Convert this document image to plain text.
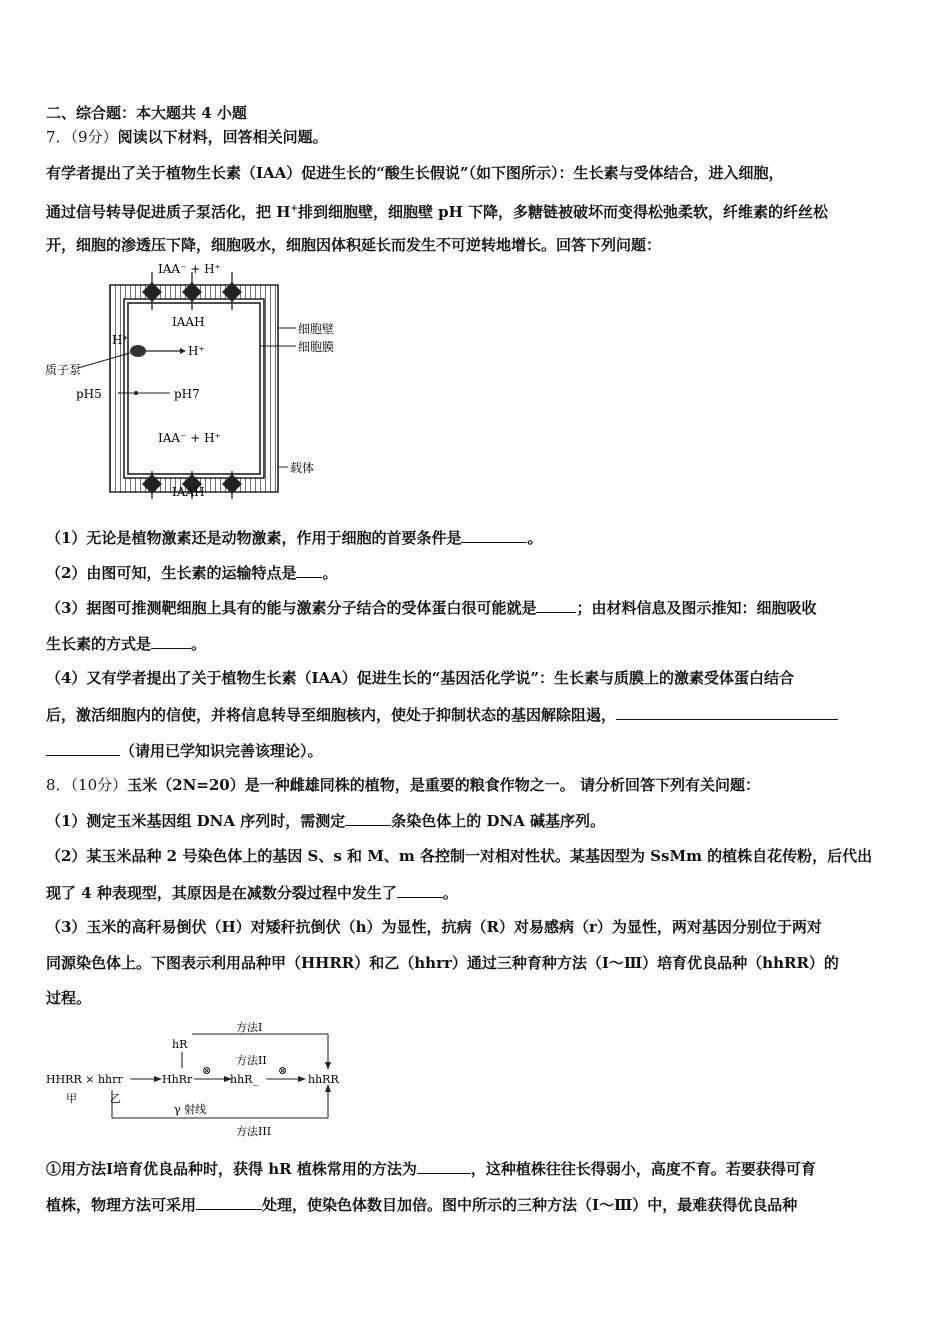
二、综合题：本大题共 4 小题
7．（9分）阅读以下材料，回答相关问题。
有学者提出了关于植物生长素（IAA）促进生长的“酸生长假说”（如下图所示）：生长素与受体结合，进入细胞，
通过信号转导促进质子泵活化，把 H+排到细胞壁，细胞壁 pH 下降，多糖链被破坏而变得松弛柔软，纤维素的纤丝松
开，细胞的渗透压下降，细胞吸水，细胞因体积延长而发生不可逆转地增长。回答下列问题：
IAA⁻ + H⁺
IAAH
IAA⁻ + H⁺
IAAH
H⁺
H⁺
质子泵
pH5	pH7
细胞壁
细胞膜
载体
（1）无论是植物激素还是动物激素，作用于细胞的首要条件是	。
（2）由图可知，生长素的运输特点是 。
（3）据图可推测靶细胞上具有的能与激素分子结合的受体蛋白很可能就是	；由材料信息及图示推知：细胞吸收
生长素的方式是	。
（4）又有学者提出了关于植物生长素（IAA）促进生长的“基因活化学说”：生长素与质膜上的激素受体蛋白结合
后，激活细胞内的信使，并将信息转导至细胞核内，使处于抑制状态的基因解除阻遏，
（请用已学知识完善该理论）。
8．（10分）玉米（2N=20）是一种雌雄同株的植物，是重要的粮食作物之一。 请分析回答下列有关问题：
（1）测定玉米基因组 DNA 序列时，需测定	条染色体上的 DNA 碱基序列。
（2）某玉米品种 2 号染色体上的基因 S、s 和 M、m 各控制一对相对性状。某基因型为 SsMm 的植株自花传粉，后代出
现了 4 种表现型，其原因是在减数分裂过程中发生了	。
（3）玉米的高秆易倒伏（H）对矮秆抗倒伏（h）为显性，抗病（R）对易感病（r）为显性，两对基因分别位于两对
同源染色体上。下图表示利用品种甲（HHRR）和乙（hhrr）通过三种育种方法（Ⅰ～Ⅲ）培育优良品种（hhRR）的
过程。
方法I
hR
方法II
⊗	⊗
HHRR × hhrr	HhRr	hhR_	hhRR
甲	乙
γ 射线
方法III
①用方法Ⅰ培育优良品种时，获得 hR 植株常用的方法为	，这种植株往往长得弱小，高度不育。若要获得可育
植株，物理方法可采用	处理，使染色体数目加倍。图中所示的三种方法（Ⅰ～Ⅲ）中，最难获得优良品种
